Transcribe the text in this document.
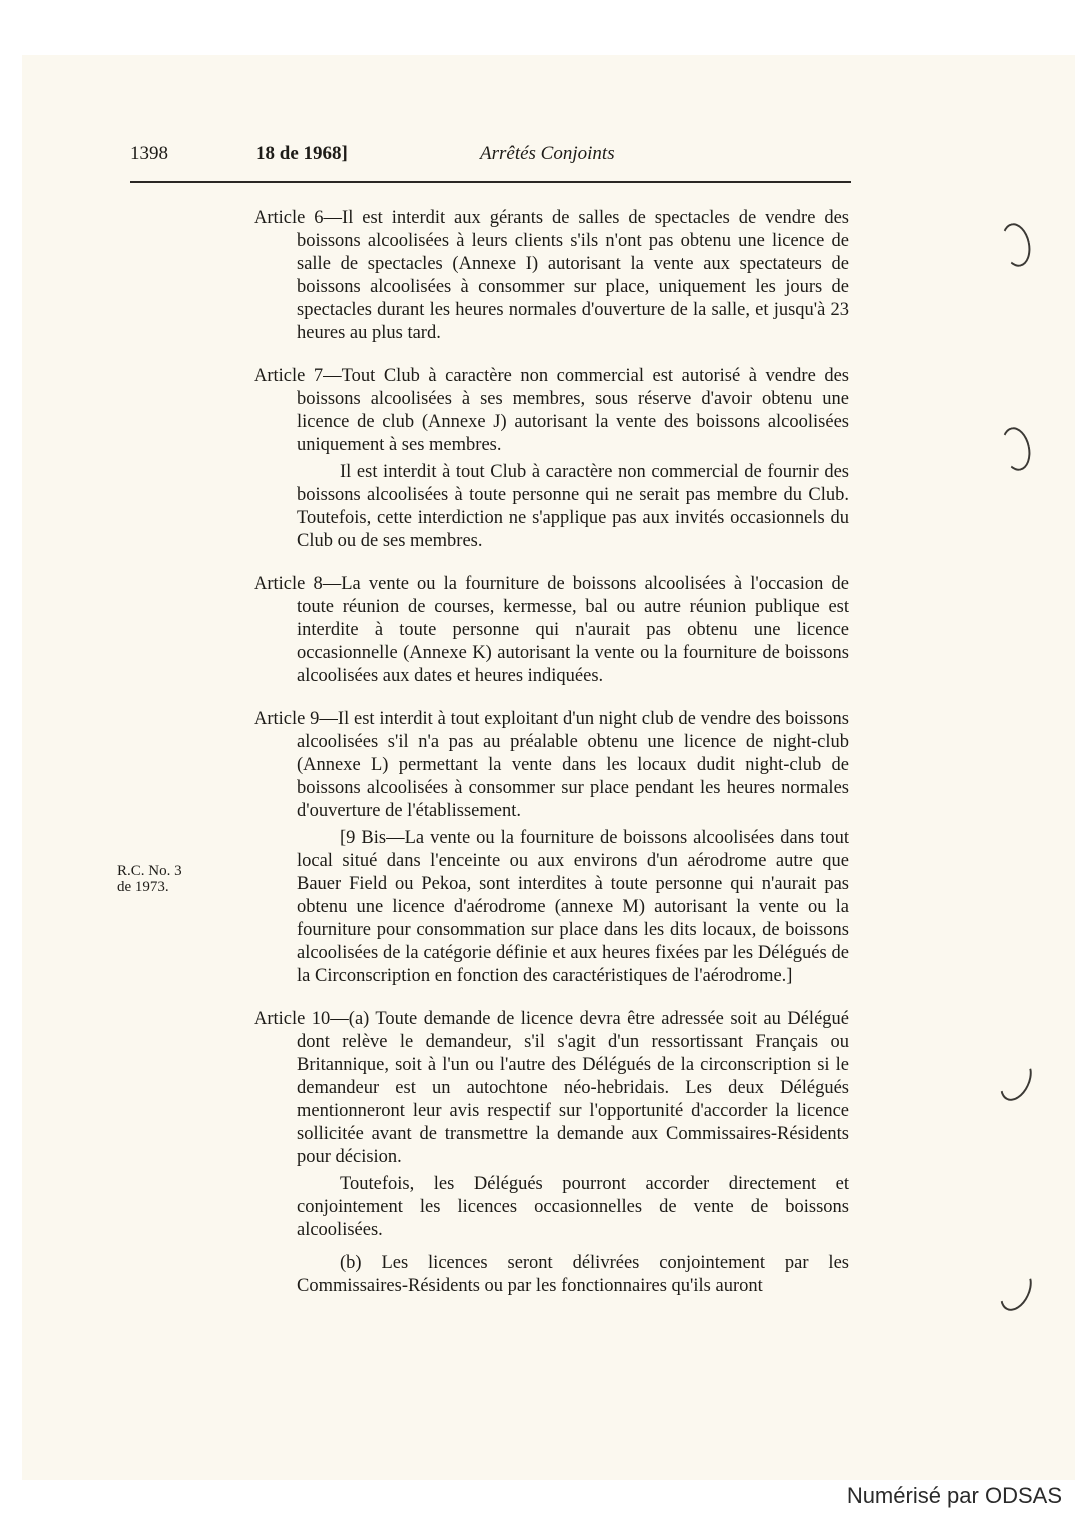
1398	18 de 1968]	Arrêtés Conjoints
R.C. No. 3
de 1973.

Article 6—Il est interdit aux gérants de salles de spectacles de vendre des boissons alcoolisées à leurs clients s'ils n'ont pas obtenu une licence de salle de spectacles (Annexe I) autorisant la vente aux spectateurs de boissons alcoolisées à consommer sur place, uniquement les jours de spectacles durant les heures normales d'ouverture de la salle, et jusqu'à 23 heures au plus tard.

Article 7—Tout Club à caractère non commercial est autorisé à vendre des boissons alcoolisées à ses membres, sous réserve d'avoir obtenu une licence de club (Annexe J) autorisant la vente des boissons alcoolisées uniquement à ses membres.

Il est interdit à tout Club à caractère non commercial de fournir des boissons alcoolisées à toute personne qui ne serait pas membre du Club. Toutefois, cette interdiction ne s'applique pas aux invités occasionnels du Club ou de ses membres.

Article 8—La vente ou la fourniture de boissons alcoolisées à l'occasion de toute réunion de courses, kermesse, bal ou autre réunion publique est interdite à toute personne qui n'aurait pas obtenu une licence occasionnelle (Annexe K) autorisant la vente ou la fourniture de boissons alcoolisées aux dates et heures indiquées.

Article 9—Il est interdit à tout exploitant d'un night club de vendre des boissons alcoolisées s'il n'a pas au préalable obtenu une licence de night-club (Annexe L) permettant la vente dans les locaux dudit night-club de boissons alcoolisées à consommer sur place pendant les heures normales d'ouverture de l'établissement.

[9 Bis—La vente ou la fourniture de boissons alcoolisées dans tout local situé dans l'enceinte ou aux environs d'un aérodrome autre que Bauer Field ou Pekoa, sont interdites à toute personne qui n'aurait pas obtenu une licence d'aérodrome (annexe M) autorisant la vente ou la fourniture pour consommation sur place dans les dits locaux, de boissons alcoolisées de la catégorie définie et aux heures fixées par les Délégués de la Circonscription en fonction des caractéristiques de l'aérodrome.]

Article 10—(a) Toute demande de licence devra être adressée soit au Délégué dont relève le demandeur, s'il s'agit d'un ressortissant Français ou Britannique, soit à l'un ou l'autre des Délégués de la circonscription si le demandeur est un autochtone néo-hebridais. Les deux Délégués mentionneront leur avis respectif sur l'opportunité d'accorder la licence sollicitée avant de transmettre la demande aux Commissaires-Résidents pour décision.

Toutefois, les Délégués pourront accorder directement et conjointement les licences occasionnelles de vente de boissons alcoolisées.

(b) Les licences seront délivrées conjointement par les Commissaires-Résidents ou par les fonctionnaires qu'ils auront

Numérisé par ODSAS
